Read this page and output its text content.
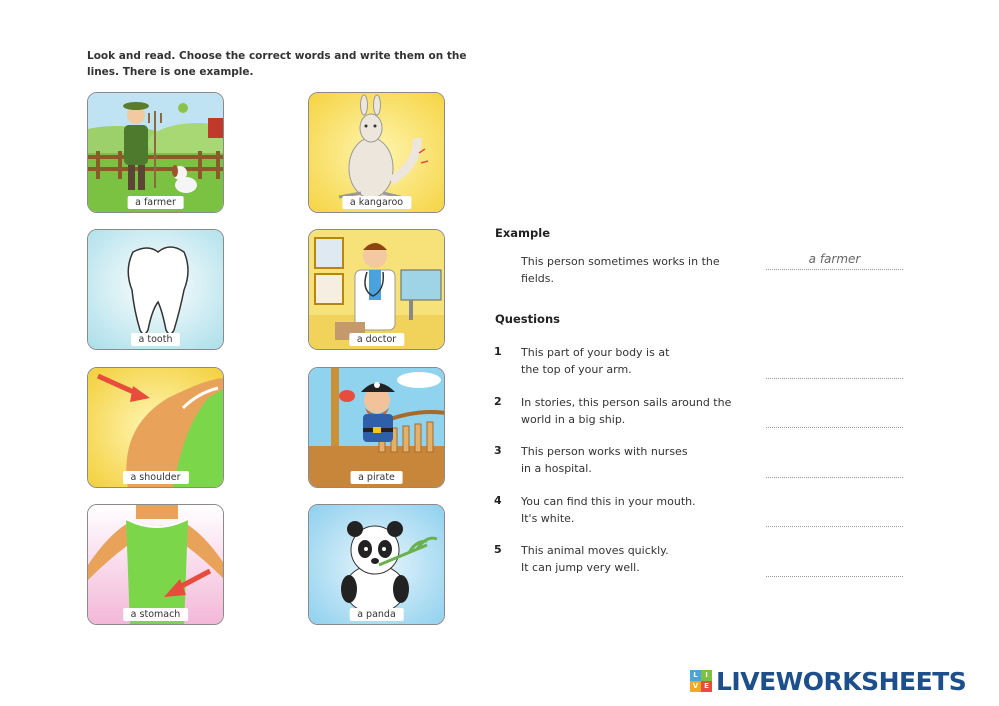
Look and read. Choose the correct words and write them on the lines. There is one example.
a farmer	a kangaroo
a tooth	a doctor
a shoulder	a pirate
a stomach	a panda
Example
This person sometimes works in the fields.
a farmer
Questions
1 This part of your body is at
the top of your arm.
2 In stories, this person sails around the
world in a big ship.
3 This person works with nurses
in a hospital.
4 You can find this in your mouth.
It's white.
5 This animal moves quickly.
It can jump very well.
L	I
V E LIVEWORKSHEETS
